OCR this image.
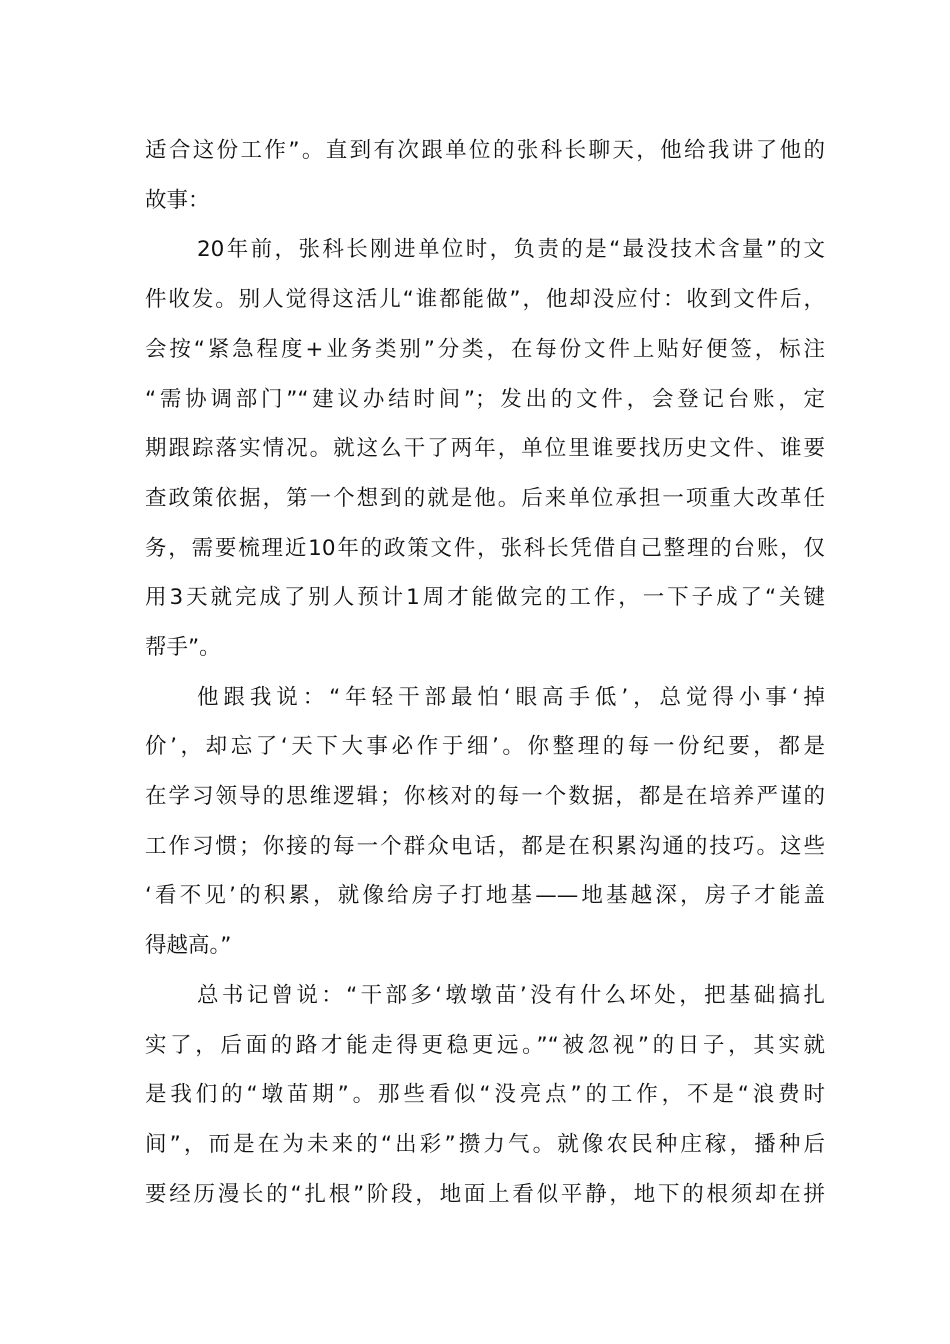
适合这份工作”。直到有次跟单位的张科长聊天，他给我讲了他的

故事：

20年前，张科长刚进单位时，负责的是“最没技术含量”的文

件收发。别人觉得这活儿“谁都能做”，他却没应付：收到文件后，

会按“紧急程度+业务类别”分类，在每份文件上贴好便签，标注

“需协调部门”“建议办结时间”；发出的文件，会登记台账，定

期跟踪落实情况。就这么干了两年，单位里谁要找历史文件、谁要

查政策依据，第一个想到的就是他。后来单位承担一项重大改革任

务，需要梳理近10年的政策文件，张科长凭借自己整理的台账，仅

用3天就完成了别人预计1周才能做完的工作，一下子成了“关键

帮手”。

他跟我说：“年轻干部最怕‘眼高手低’，总觉得小事‘掉

价’，却忘了‘天下大事必作于细’。你整理的每一份纪要，都是

在学习领导的思维逻辑；你核对的每一个数据，都是在培养严谨的

工作习惯；你接的每一个群众电话，都是在积累沟通的技巧。这些

‘看不见’的积累，就像给房子打地基——地基越深，房子才能盖

得越高。”

总书记曾说：“干部多‘墩墩苗’没有什么坏处，把基础搞扎

实了，后面的路才能走得更稳更远。”“被忽视”的日子，其实就

是我们的“墩苗期”。那些看似“没亮点”的工作，不是“浪费时

间”，而是在为未来的“出彩”攒力气。就像农民种庄稼，播种后

要经历漫长的“扎根”阶段，地面上看似平静，地下的根须却在拼
